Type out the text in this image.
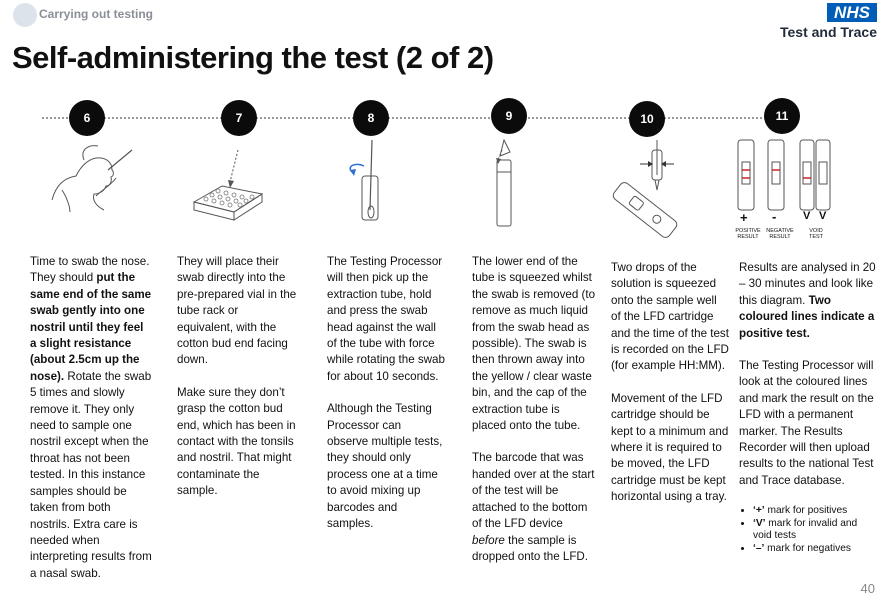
Carrying out testing	NHS
Test and Trace
Self-administering the test (2 of 2)
+ - V V
POSITIVE RESULT
NEGATIVE RESULT
VOID TEST
6	7	8	9	10	11
Time to swab the nose. They should put the same end of the same swab gently into one nostril until they feel a slight resistance (about 2.5cm up the nose). Rotate the swab 5 times and slowly remove it. They only need to sample one nostril except when the throat has not been tested. In this instance samples should be taken from both nostrils. Extra care is needed when interpreting results from a nasal swab.

They will place their swab directly into the pre-prepared vial in the tube rack or equivalent, with the cotton bud end facing down.

Make sure they don’t grasp the cotton bud end, which has been in contact with the tonsils and nostril. That might contaminate the sample.

The Testing Processor will then pick up the extraction tube, hold and press the swab head against the wall of the tube with force while rotating the swab for about 10 seconds.

Although the Testing Processor can observe multiple tests, they should only process one at a time to avoid mixing up barcodes and samples.

The lower end of the tube is squeezed whilst the swab is removed (to remove as much liquid from the swab head as possible). The swab is then thrown away into the yellow / clear waste bin, and the cap of the extraction tube is placed onto the tube.

The barcode that was handed over at the start of the test will be attached to the bottom of the LFD device before the sample is dropped onto the LFD.

Two drops of the solution is squeezed onto the sample well of the LFD cartridge and the time of the test is recorded on the LFD (for example HH:MM).

Movement of the LFD cartridge should be kept to a minimum and where it is required to be moved, the LFD cartridge must be kept horizontal using a tray.

Results are analysed in 20 – 30 minutes and look like this diagram. Two coloured lines indicate a positive test.

The Testing Processor will look at the coloured lines and mark the result on the LFD with a permanent marker. The Results Recorder will then upload results to the national Test and Trace database.

• ‘+’ mark for positives
• ‘V’ mark for invalid and void tests
• ‘–’ mark for negatives
40
